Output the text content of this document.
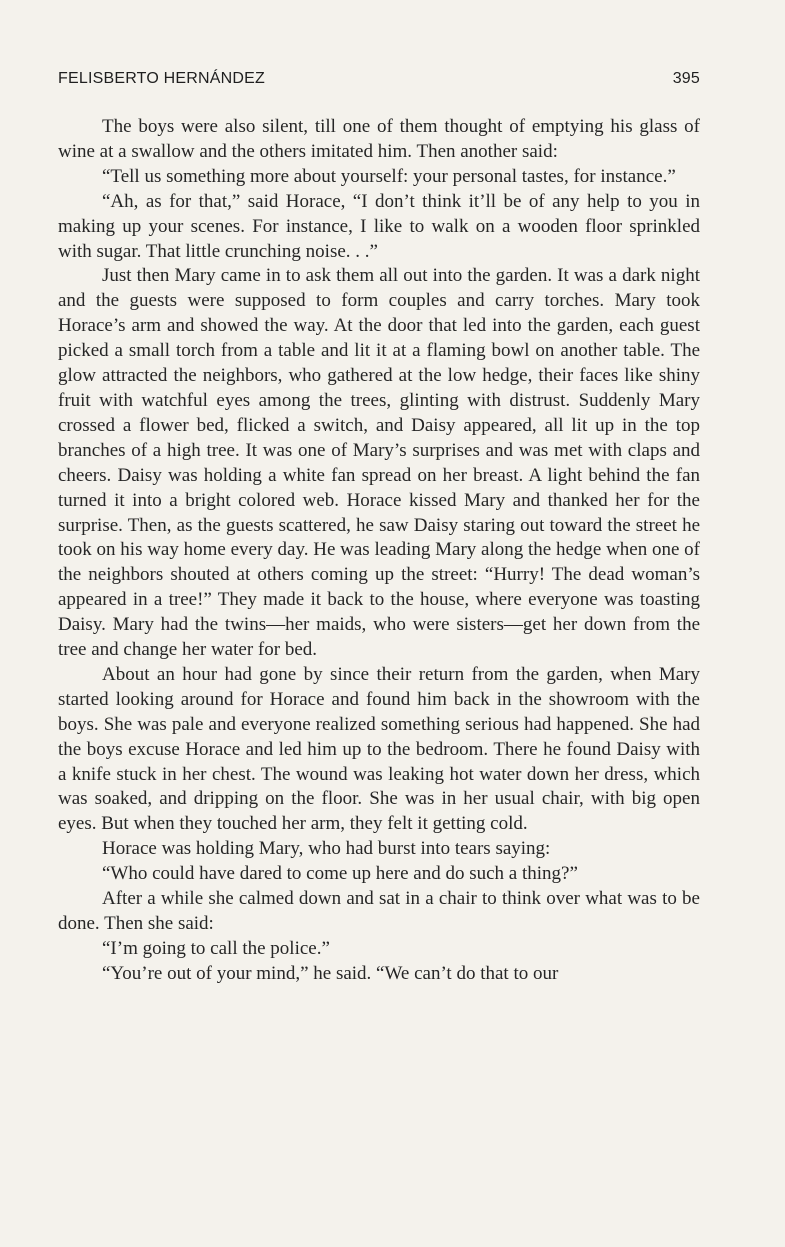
FELISBERTO HERNÁNDEZ	395

The boys were also silent, till one of them thought of emptying his glass of wine at a swallow and the others imitated him. Then another said:

“Tell us something more about yourself: your personal tastes, for instance.”

“Ah, as for that,” said Horace, “I don’t think it’ll be of any help to you in making up your scenes. For instance, I like to walk on a wooden floor sprinkled with sugar. That little crunching noise. . .”

Just then Mary came in to ask them all out into the garden. It was a dark night and the guests were supposed to form couples and carry torches. Mary took Horace’s arm and showed the way. At the door that led into the garden, each guest picked a small torch from a table and lit it at a flaming bowl on another table. The glow attracted the neighbors, who gathered at the low hedge, their faces like shiny fruit with watchful eyes among the trees, glinting with distrust. Suddenly Mary crossed a flower bed, flicked a switch, and Daisy appeared, all lit up in the top branches of a high tree. It was one of Mary’s surprises and was met with claps and cheers. Daisy was holding a white fan spread on her breast. A light behind the fan turned it into a bright colored web. Horace kissed Mary and thanked her for the surprise. Then, as the guests scattered, he saw Daisy staring out toward the street he took on his way home every day. He was leading Mary along the hedge when one of the neighbors shouted at others coming up the street: “Hurry! The dead woman’s appeared in a tree!” They made it back to the house, where everyone was toasting Daisy. Mary had the twins—her maids, who were sisters—get her down from the tree and change her water for bed.

About an hour had gone by since their return from the garden, when Mary started looking around for Horace and found him back in the showroom with the boys. She was pale and everyone realized something serious had happened. She had the boys excuse Horace and led him up to the bedroom. There he found Daisy with a knife stuck in her chest. The wound was leaking hot water down her dress, which was soaked, and dripping on the floor. She was in her usual chair, with big open eyes. But when they touched her arm, they felt it getting cold.

Horace was holding Mary, who had burst into tears saying:

“Who could have dared to come up here and do such a thing?”

After a while she calmed down and sat in a chair to think over what was to be done. Then she said:

“I’m going to call the police.”

“You’re out of your mind,” he said. “We can’t do that to our
